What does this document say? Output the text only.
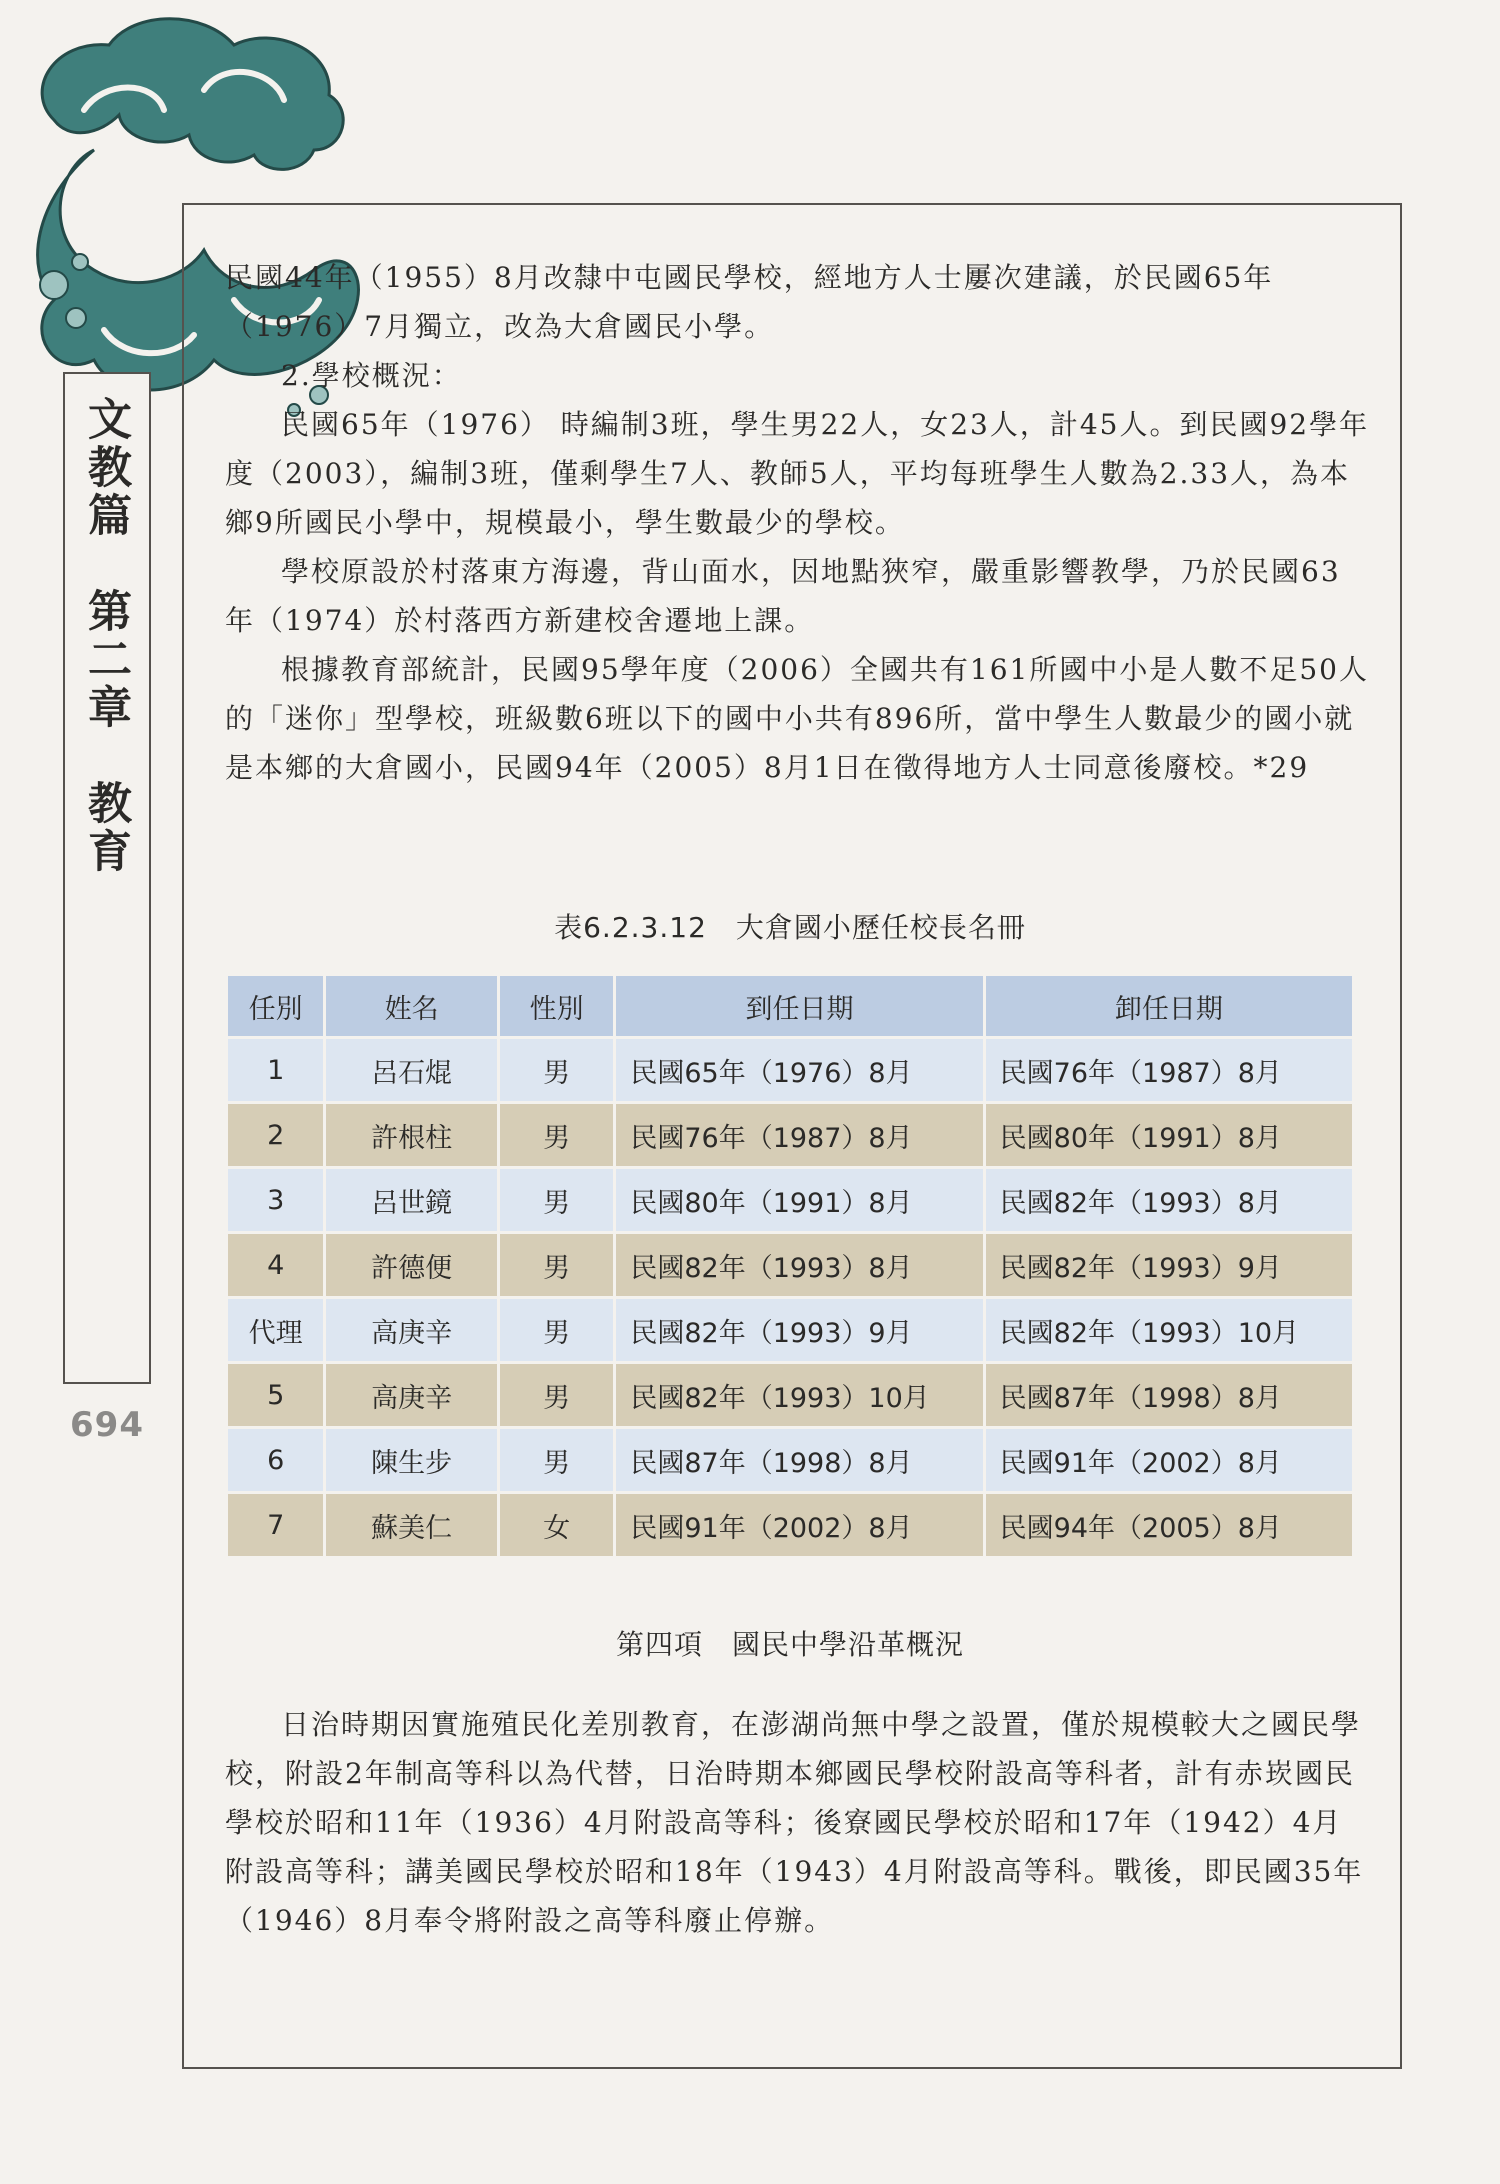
文教篇　第二章　教育
694

民國44年（1955）8月改隸中屯國民學校，經地方人士屢次建議，於民國65年（1976）7月獨立，改為大倉國民小學。

2.學校概況：

民國65年（1976） 時編制3班，學生男22人，女23人，計45人。到民國92學年度（2003），編制3班，僅剩學生7人、教師5人，平均每班學生人數為2.33人，為本鄉9所國民小學中，規模最小，學生數最少的學校。

學校原設於村落東方海邊，背山面水，因地點狹窄，嚴重影響教學，乃於民國63年（1974）於村落西方新建校舍遷地上課。

根據教育部統計，民國95學年度（2006）全國共有161所國中小是人數不足50人的「迷你」型學校，班級數6班以下的國中小共有896所，當中學生人數最少的國小就是本鄉的大倉國小，民國94年（2005）8月1日在徵得地方人士同意後廢校。*29

表6.2.3.12　大倉國小歷任校長名冊
任別	姓名	性別	到任日期	卸任日期
1	呂石焜	男	民國65年（1976）8月	民國76年（1987）8月
2	許根柱	男	民國76年（1987）8月	民國80年（1991）8月
3	呂世鏡	男	民國80年（1991）8月	民國82年（1993）8月
4	許德便	男	民國82年（1993）8月	民國82年（1993）9月
代理	高庚辛	男	民國82年（1993）9月	民國82年（1993）10月
5	高庚辛	男	民國82年（1993）10月	民國87年（1998）8月
6	陳生步	男	民國87年（1998）8月	民國91年（2002）8月
7	蘇美仁	女	民國91年（2002）8月	民國94年（2005）8月
第四項　國民中學沿革概況

日治時期因實施殖民化差別教育，在澎湖尚無中學之設置，僅於規模較大之國民學校，附設2年制高等科以為代替，日治時期本鄉國民學校附設高等科者，計有赤崁國民學校於昭和11年（1936）4月附設高等科；後寮國民學校於昭和17年（1942）4月附設高等科；講美國民學校於昭和18年（1943）4月附設高等科。戰後，即民國35年（1946）8月奉令將附設之高等科廢止停辦。
